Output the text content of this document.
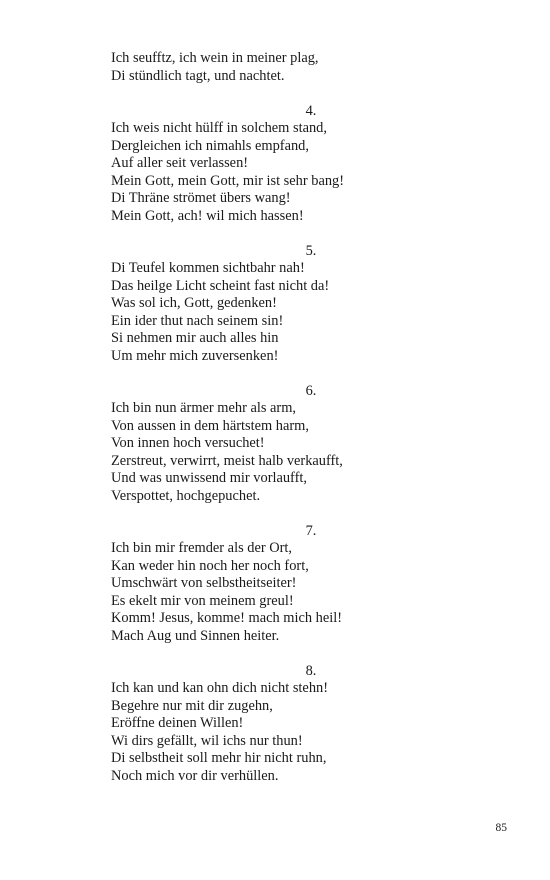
Ich seufftz, ich wein in meiner plag,
Di stündlich tagt, und nachtet.
4.
Ich weis nicht hülff in solchem stand,
Dergleichen ich nimahls empfand,
Auf aller seit verlassen!
Mein Gott, mein Gott, mir ist sehr bang!
Di Thräne strömet übers wang!
Mein Gott, ach! wil mich hassen!
5.
Di Teufel kommen sichtbahr nah!
Das heilge Licht scheint fast nicht da!
Was sol ich, Gott, gedenken!
Ein ider thut nach seinem sin!
Si nehmen mir auch alles hin
Um mehr mich zuversenken!
6.
Ich bin nun ärmer mehr als arm,
Von aussen in dem härtstem harm,
Von innen hoch versuchet!
Zerstreut, verwirrt, meist halb verkaufft,
Und was unwissend mir vorlaufft,
Verspottet, hochgepuchet.
7.
Ich bin mir fremder als der Ort,
Kan weder hin noch her noch fort,
Umschwärt von selbstheitseiter!
Es ekelt mir von meinem greul!
Komm! Jesus, komme! mach mich heil!
Mach Aug und Sinnen heiter.
8.
Ich kan und kan ohn dich nicht stehn!
Begehre nur mit dir zugehn,
Eröffne deinen Willen!
Wi dirs gefällt, wil ichs nur thun!
Di selbstheit soll mehr hir nicht ruhn,
Noch mich vor dir verhüllen.
85
